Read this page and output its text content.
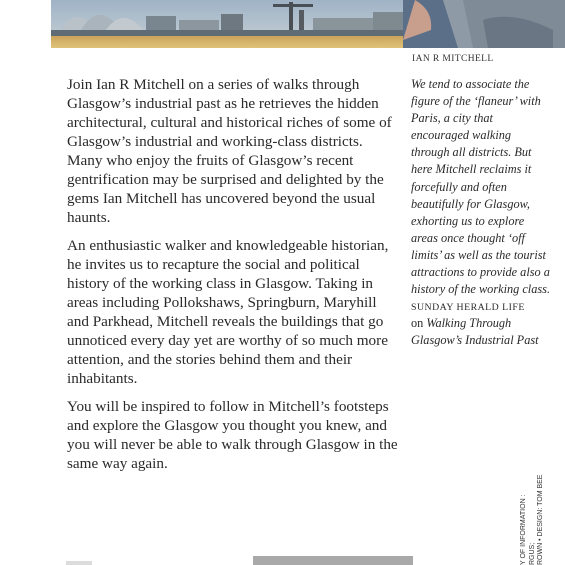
IAN R MITCHELL

Join Ian R Mitchell on a series of walks through Glasgow’s industrial past as he retrieves the hidden architectural, cultural and historical riches of some of Glasgow’s industrial and working-class districts. Many who enjoy the fruits of Glasgow’s recent gentrification may be surprised and delighted by the gems Ian Mitchell has uncovered beyond the usual haunts.

An enthusiastic walker and knowledgeable historian, he invites us to recapture the social and political history of the working class in Glasgow. Taking in areas including Pollokshaws, Springburn, Maryhill and Parkhead, Mitchell reveals the buildings that go unnoticed every day yet are worthy of so much more attention, and the stories behind them and their inhabitants.

You will be inspired to follow in Mitchell’s footsteps and explore the Glasgow you thought you knew, and you will never be able to walk through Glasgow in the same way again.

We tend to associate the figure of the ‘flaneur’ with Paris, a city that encouraged walking through all districts. But here Mitchell reclaims it forcefully and often beautifully for Glasgow, exhorting us to explore areas once thought ‘off limits’ as well as the tourist attractions to provide also a history of the working class.

SUNDAY HERALD LIFE

on Walking Through Glasgow’s Industrial Past

Y OF INFORMATION : RGUS; ROWN • DESIGN: TOM BEE
